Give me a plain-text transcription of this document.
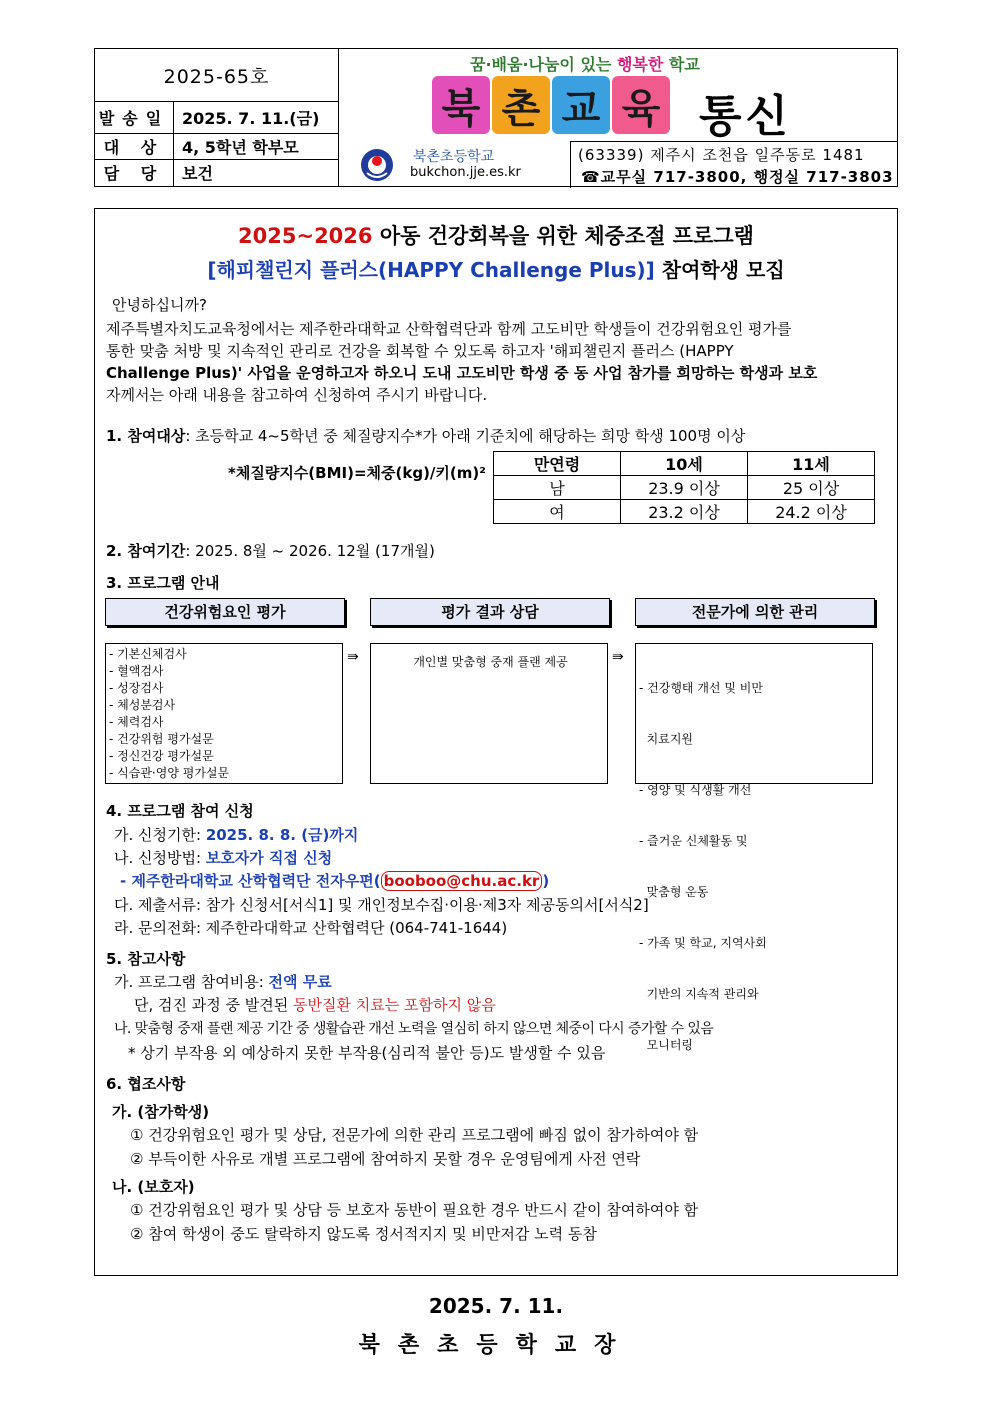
2025-65호
발송일 2025. 7. 11.(금)
대 상	4, 5학년 학부모
담 당	보건
꿈·배움·나눔이 있는 행복한 학교
북 촌 교 육 통신
북촌초등학교
bukchon.jje.es.kr
(63339) 제주시 조천읍 일주동로 1481
☎교무실 717-3800, 행정실 717-3803
2025~2026 아동 건강회복을 위한 체중조절 프로그램
[해피챌린지 플러스(HAPPY Challenge Plus)] 참여학생 모집
안녕하십니까?
제주특별자치도교육청에서는 제주한라대학교 산학협력단과 함께 고도비만 학생들이 건강위험요인 평가를
통한 맞춤 처방 및 지속적인 관리로 건강을 회복할 수 있도록 하고자 '해피챌린지 플러스 (HAPPY
Challenge Plus)' 사업을 운영하고자 하오니 도내 고도비만 학생 중 동 사업 참가를 희망하는 학생과 보호
자께서는 아래 내용을 참고하여 신청하여 주시기 바랍니다.
1. 참여대상: 초등학교 4~5학년 중 체질량지수*가 아래 기준치에 해당하는 희망 학생 100명 이상
*체질량지수(BMI)=체중(kg)/키(m)²	만연령	10세	11세
남	23.9 이상	25 이상
여	23.2 이상	24.2 이상
2. 참여기간: 2025. 8월 ~ 2026. 12월 (17개월)
3. 프로그램 안내
건강위험요인 평가	평가 결과 상담	전문가에 의한 관리
- 기본신체검사
- 혈액검사
- 성장검사
- 체성분검사
- 체력검사
- 건강위험 평가설문
- 정신건강 평가설문
- 식습관·영양 평가설문
⇛	개인별 맞춤형 중재 플랜 제공	⇛

- 건강행태 개선 및 비만

치료지원

- 영양 및 식생활 개선

- 즐거운 신체활동 및

맞춤형 운동

- 가족 및 학교, 지역사회

기반의 지속적 관리와

모니터링

4. 프로그램 참여 신청
가. 신청기한: 2025. 8. 8. (금)까지
나. 신청방법: 보호자가 직접 신청
- 제주한라대학교 산학협력단 전자우편( booboo@chu.ac.kr )
다. 제출서류: 참가 신청서[서식1] 및 개인정보수집·이용·제3자 제공동의서[서식2]
라. 문의전화: 제주한라대학교 산학협력단 (064-741-1644)
5. 참고사항
가. 프로그램 참여비용: 전액 무료
단, 검진 과정 중 발견된 동반질환 치료는 포함하지 않음
나. 맞춤형 중재 플랜 제공 기간 중 생활습관 개선 노력을 열심히 하지 않으면 체중이 다시 증가할 수 있음
* 상기 부작용 외 예상하지 못한 부작용(심리적 불안 등)도 발생할 수 있음
6. 협조사항
가. (참가학생)
① 건강위험요인 평가 및 상담, 전문가에 의한 관리 프로그램에 빠짐 없이 참가하여야 함
② 부득이한 사유로 개별 프로그램에 참여하지 못할 경우 운영팀에게 사전 연락
나. (보호자)
① 건강위험요인 평가 및 상담 등 보호자 동반이 필요한 경우 반드시 같이 참여하여야 함
② 참여 학생이 중도 탈락하지 않도록 정서적지지 및 비만저감 노력 동참
2025. 7. 11.
북촌초등학교장
